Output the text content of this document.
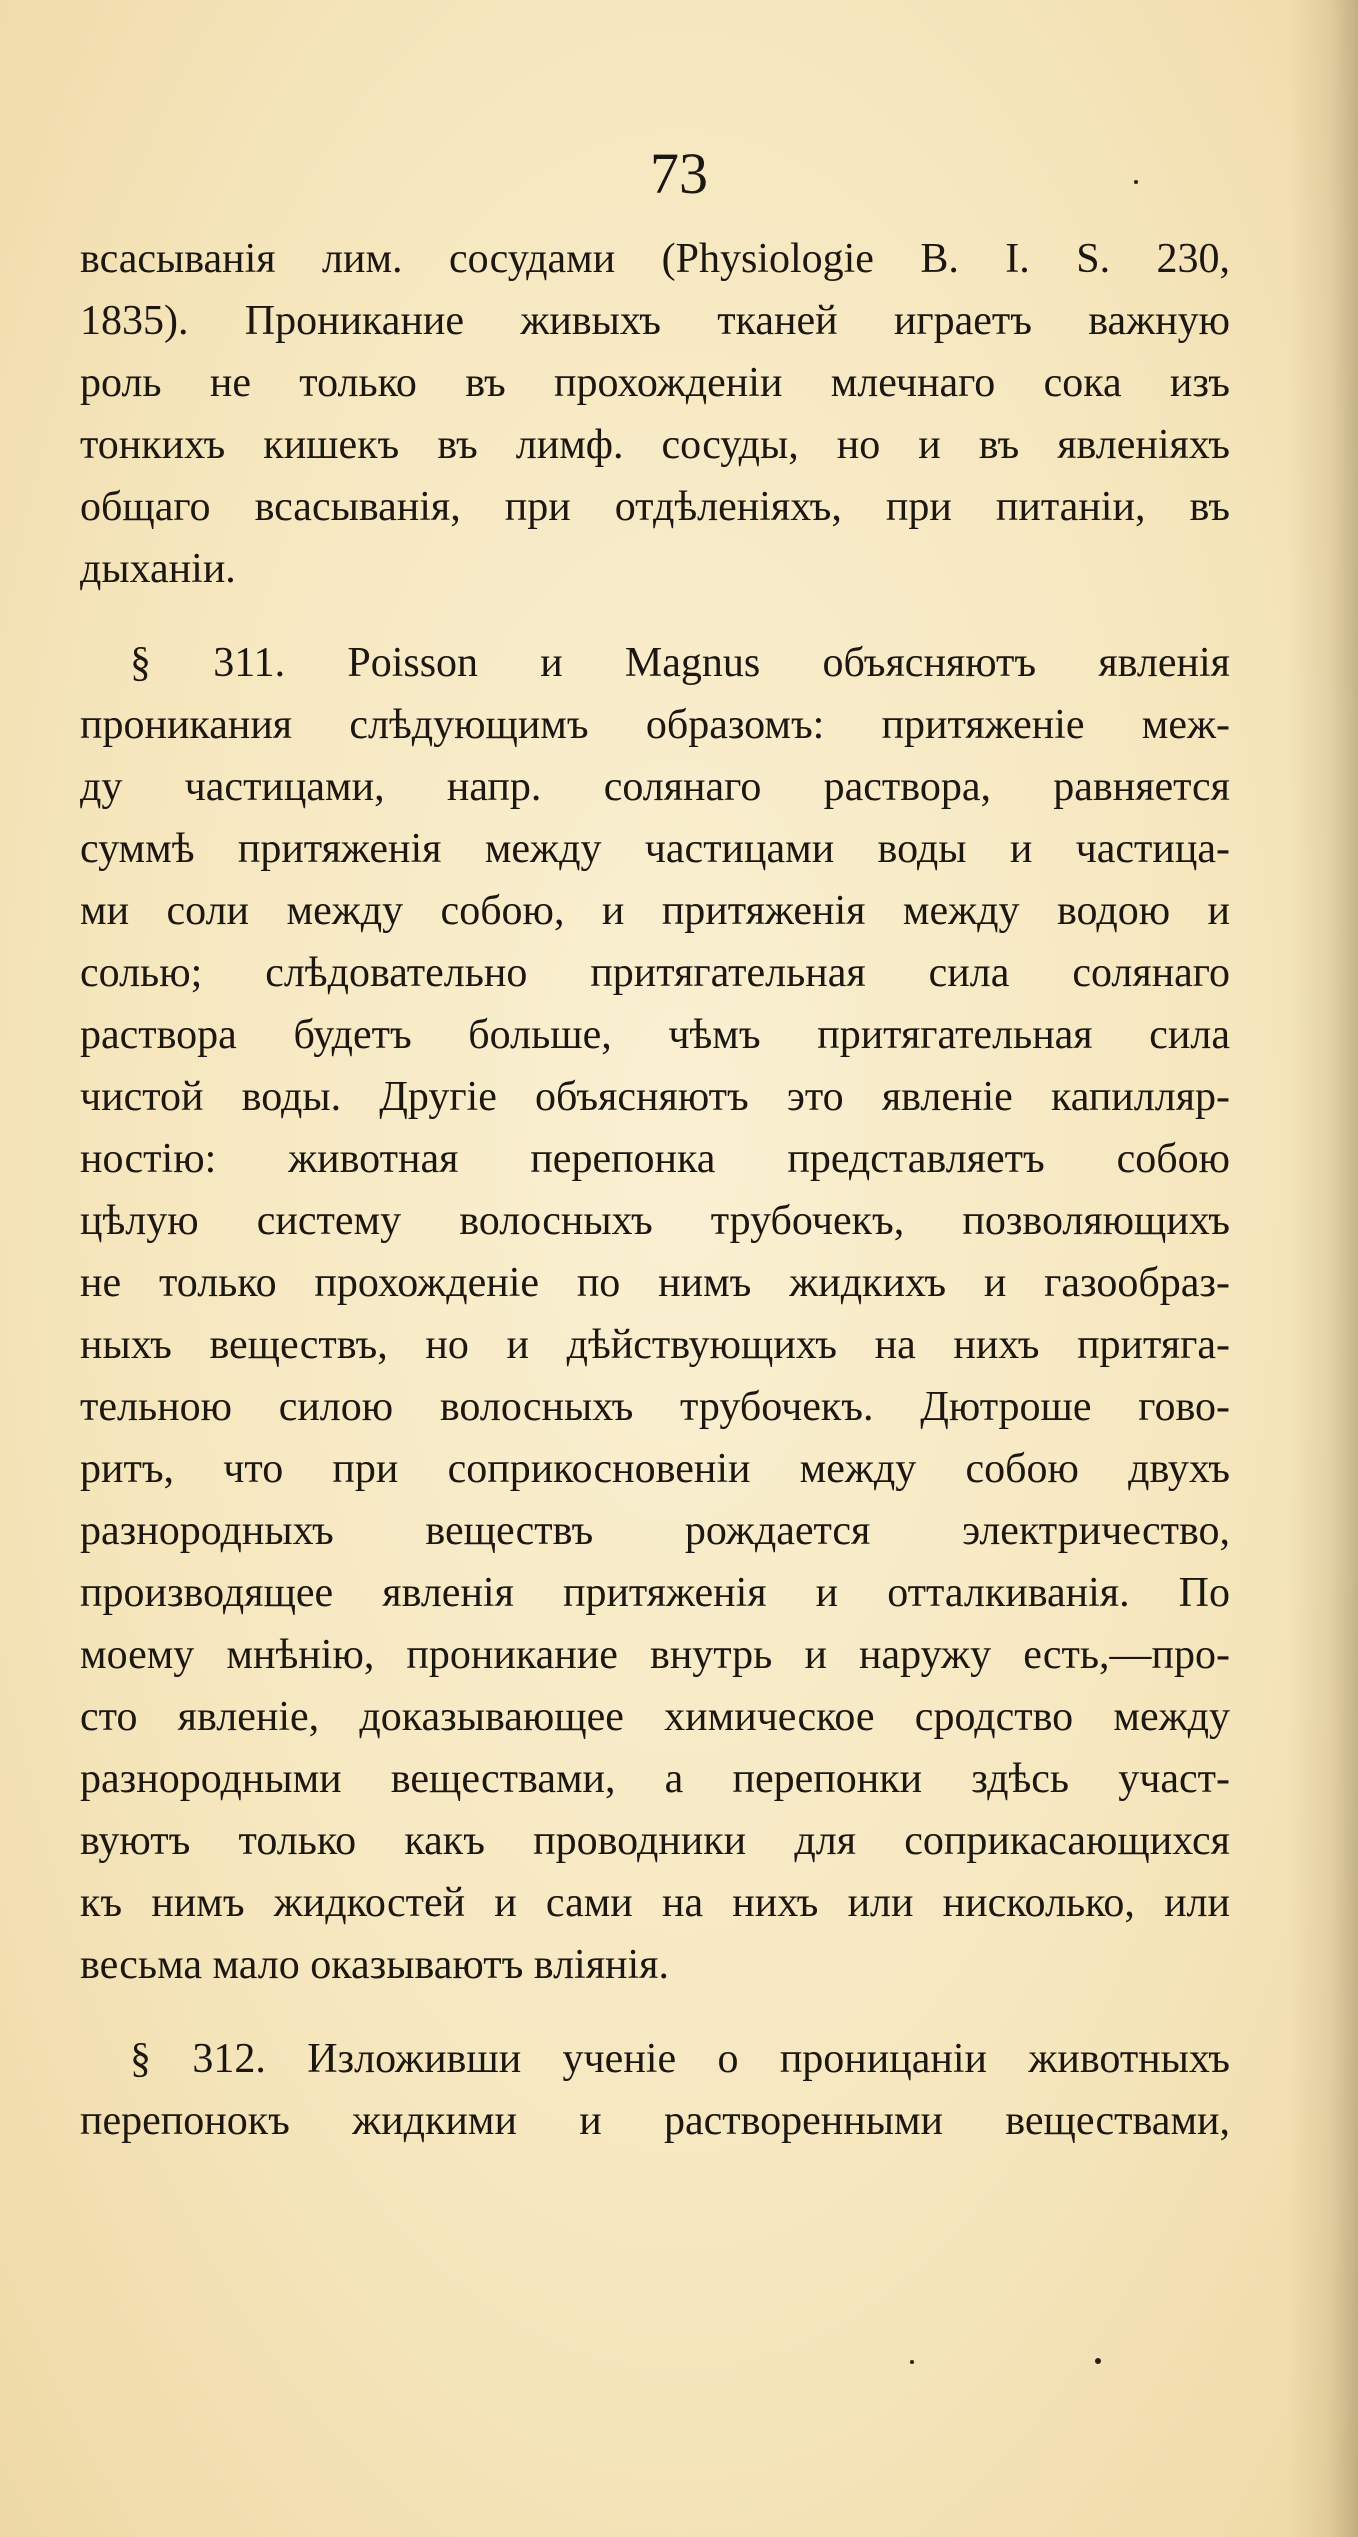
73
всасыванія лим. сосудами (Physiologie B. I. S. 230,
1835). Проникание живыхъ тканей играетъ важную
роль не только въ прохожденіи млечнаго сока изъ
тонкихъ кишекъ въ лимф. сосуды, но и въ явленіяхъ
общаго всасыванія, при отдѣленіяхъ, при питаніи, въ
дыханіи.
§ 311. Poisson и Magnus объясняютъ явленія
проникания слѣдующимъ образомъ: притяженіе меж-
ду частицами, напр. солянаго раствора, равняется
суммѣ притяженія между частицами воды и частица-
ми соли между собою, и притяженія между водою и
солью; слѣдовательно притягательная сила солянаго
раствора будетъ больше, чѣмъ притягательная сила
чистой воды. Другіе объясняютъ это явленіе капилляр-
ностію: животная перепонка представляетъ собою
цѣлую систему волосныхъ трубочекъ, позволяющихъ
не только прохожденіе по нимъ жидкихъ и газообраз-
ныхъ веществъ, но и дѣйствующихъ на нихъ притяга-
тельною силою волосныхъ трубочекъ. Дютроше гово-
ритъ, что при соприкосновеніи между собою двухъ
разнородныхъ веществъ рождается электричество,
производящее явленія притяженія и отталкиванія. По
моему мнѣнію, проникание внутрь и наружу есть,—про-
сто явленіе, доказывающее химическое сродство между
разнородными веществами, а перепонки здѣсь участ-
вуютъ только какъ проводники для соприкасающихся
къ нимъ жидкостей и сами на нихъ или нисколько, или
весьма мало оказываютъ вліянія.
§ 312. Изложивши ученіе о проницаніи животныхъ
перепонокъ жидкими и растворенными веществами,
